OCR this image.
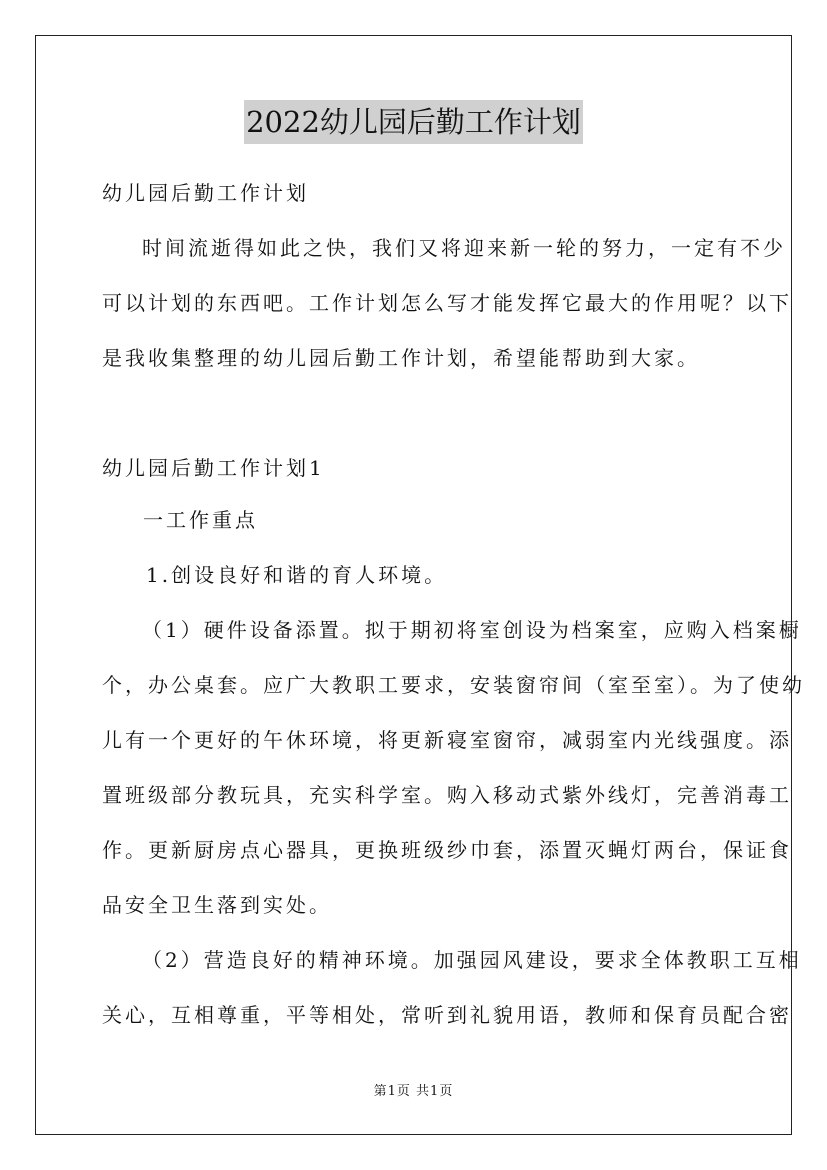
2022幼儿园后勤工作计划
幼儿园后勤工作计划
时间流逝得如此之快，我们又将迎来新一轮的努力，一定有不少
可以计划的东西吧。工作计划怎么写才能发挥它最大的作用呢？以下
是我收集整理的幼儿园后勤工作计划，希望能帮助到大家。
幼儿园后勤工作计划1
一工作重点
1.创设良好和谐的育人环境。
（1）硬件设备添置。拟于期初将室创设为档案室，应购入档案橱
个，办公桌套。应广大教职工要求，安装窗帘间（室至室）。为了使幼
儿有一个更好的午休环境，将更新寝室窗帘，减弱室内光线强度。添
置班级部分教玩具，充实科学室。购入移动式紫外线灯，完善消毒工
作。更新厨房点心器具，更换班级纱巾套，添置灭蝇灯两台，保证食
品安全卫生落到实处。
（2）营造良好的精神环境。加强园风建设，要求全体教职工互相
关心，互相尊重，平等相处，常听到礼貌用语，教师和保育员配合密
第1页 共1页
